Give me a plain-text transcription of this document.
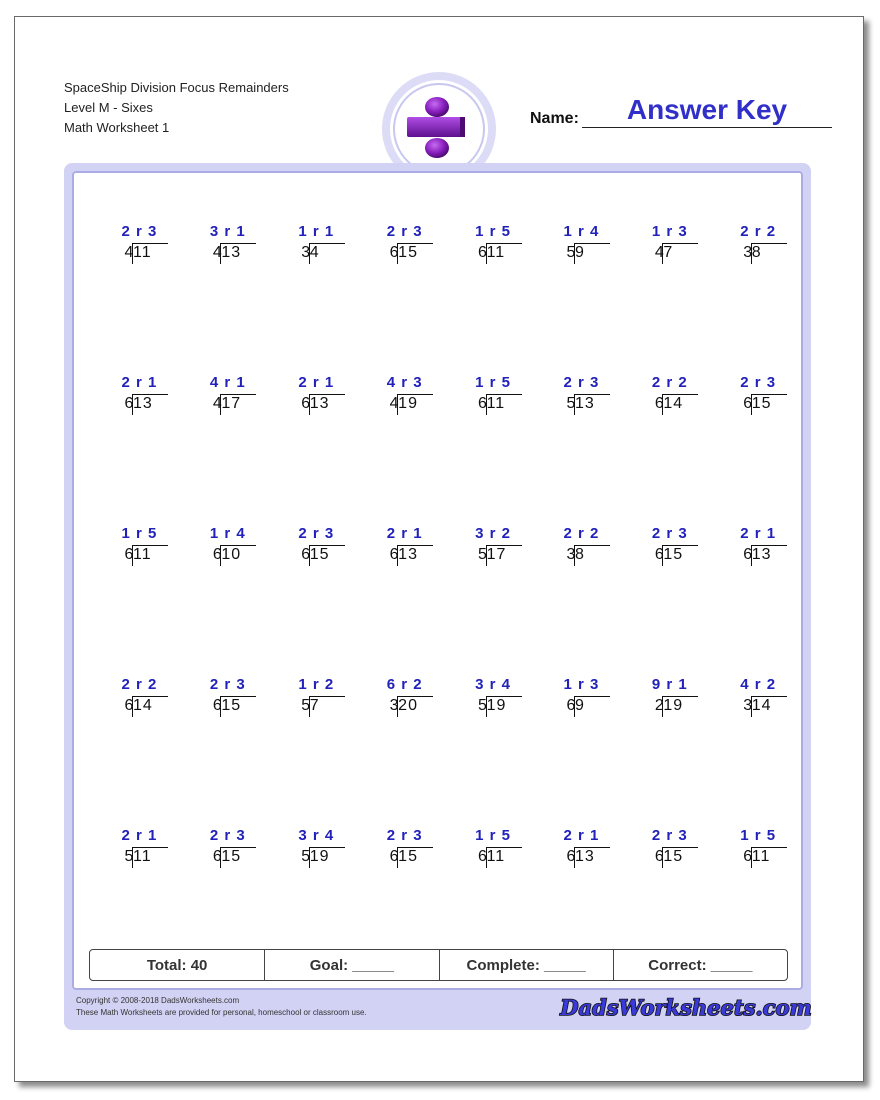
SpaceShip Division Focus Remainders
Level M - Sixes
Math Worksheet 1
Name:	Answer Key
2 r 3
4 11
3 r 1
4 13
1 r 1
3 4
2 r 3
6 15
1 r 5
6 11
1 r 4
5 9
1 r 3
4 7
2 r 2
3 8
2 r 1
6 13
4 r 1
4 17
2 r 1
6 13
4 r 3
4 19
1 r 5
6 11
2 r 3
5 13
2 r 2
6 14
2 r 3
6 15
1 r 5
6 11
1 r 4
6 10
2 r 3
6 15
2 r 1
6 13
3 r 2
5 17
2 r 2
3 8
2 r 3
6 15
2 r 1
6 13
2 r 2
6 14
2 r 3
6 15
1 r 2
5 7
6 r 2
3 20
3 r 4
5 19
1 r 3
6 9
9 r 1
2 19
4 r 2
3 14
2 r 1
5 11
2 r 3
6 15
3 r 4
5 19
2 r 3
6 15
1 r 5
6 11
2 r 1
6 13
2 r 3
6 15
1 r 5
6 11
Total: 40	Goal: _____	Complete: _____	Correct: _____
Copyright © 2008-2018 DadsWorksheets.com
These Math Worksheets are provided for personal, homeschool or classroom use.	DadsWorksheets.com
